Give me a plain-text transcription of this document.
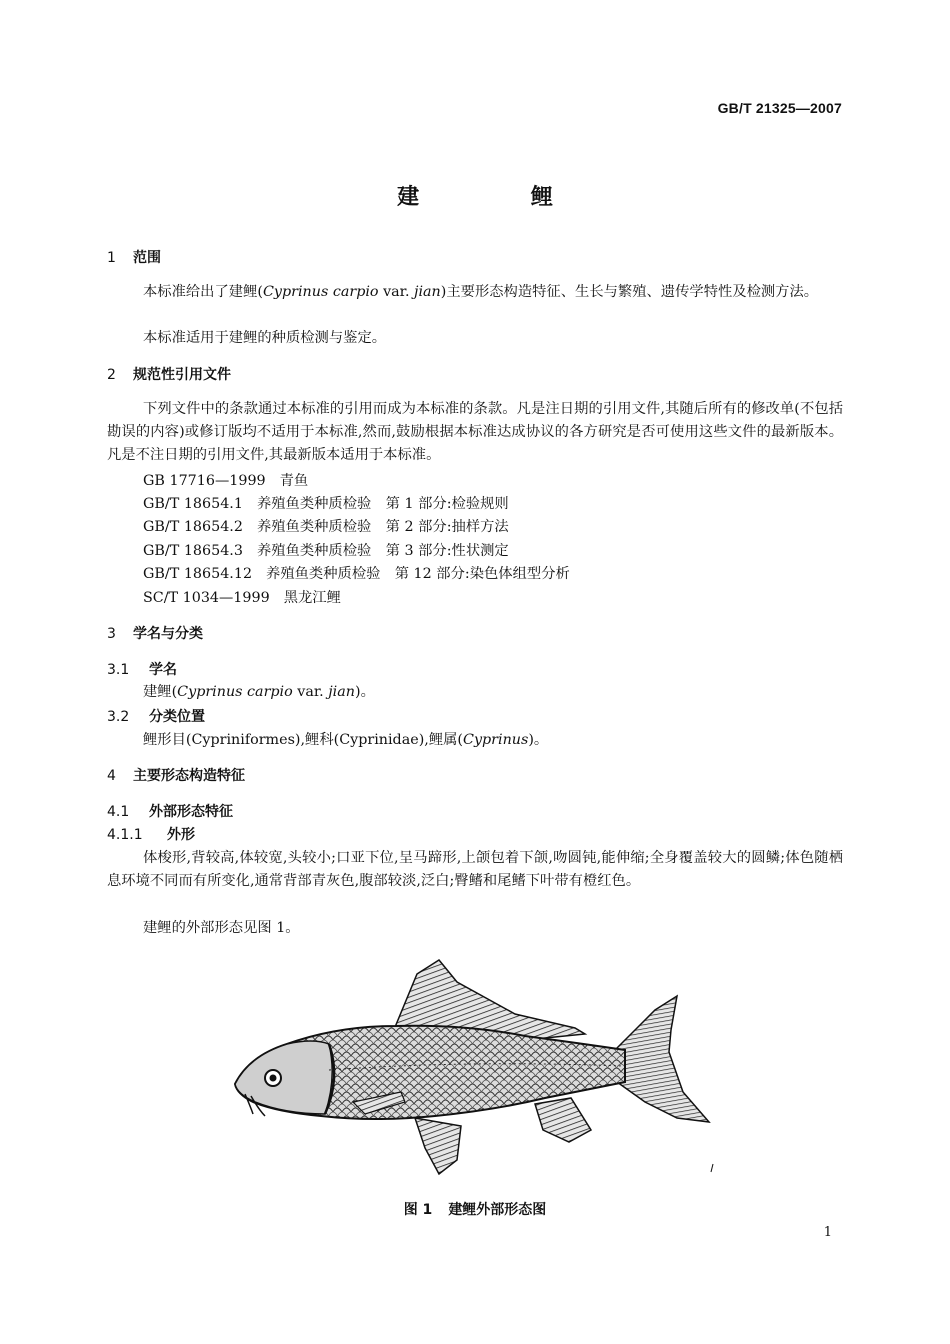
GB/T 21325—2007
建 鲤
1 范围
本标准给出了建鲤(Cyprinus carpio var. jian)主要形态构造特征、生长与繁殖、遗传学特性及检测方法。
本标准适用于建鲤的种质检测与鉴定。
2 规范性引用文件
下列文件中的条款通过本标准的引用而成为本标准的条款。凡是注日期的引用文件,其随后所有的修改单(不包括勘误的内容)或修订版均不适用于本标准,然而,鼓励根据本标准达成协议的各方研究是否可使用这些文件的最新版本。凡是不注日期的引用文件,其最新版本适用于本标准。
GB 17716—1999 青鱼
GB/T 18654.1 养殖鱼类种质检验　第 1 部分:检验规则
GB/T 18654.2 养殖鱼类种质检验　第 2 部分:抽样方法
GB/T 18654.3 养殖鱼类种质检验　第 3 部分:性状测定
GB/T 18654.12 养殖鱼类种质检验　第 12 部分:染色体组型分析
SC/T 1034—1999 黑龙江鲤
3 学名与分类
3.1 学名
建鲤(Cyprinus carpio var. jian)。
3.2 分类位置
鲤形目(Cypriniformes),鲤科(Cyprinidae),鲤属(Cyprinus)。
4 主要形态构造特征
4.1 外部形态特征
4.1.1 外形
体梭形,背较高,体较宽,头较小;口亚下位,呈马蹄形,上颌包着下颌,吻圆钝,能伸缩;全身覆盖较大的圆鳞;体色随栖息环境不同而有所变化,通常背部青灰色,腹部较淡,泛白;臀鳍和尾鳍下叶带有橙红色。
建鲤的外部形态见图 1。
图 1 建鲤外部形态图
1
